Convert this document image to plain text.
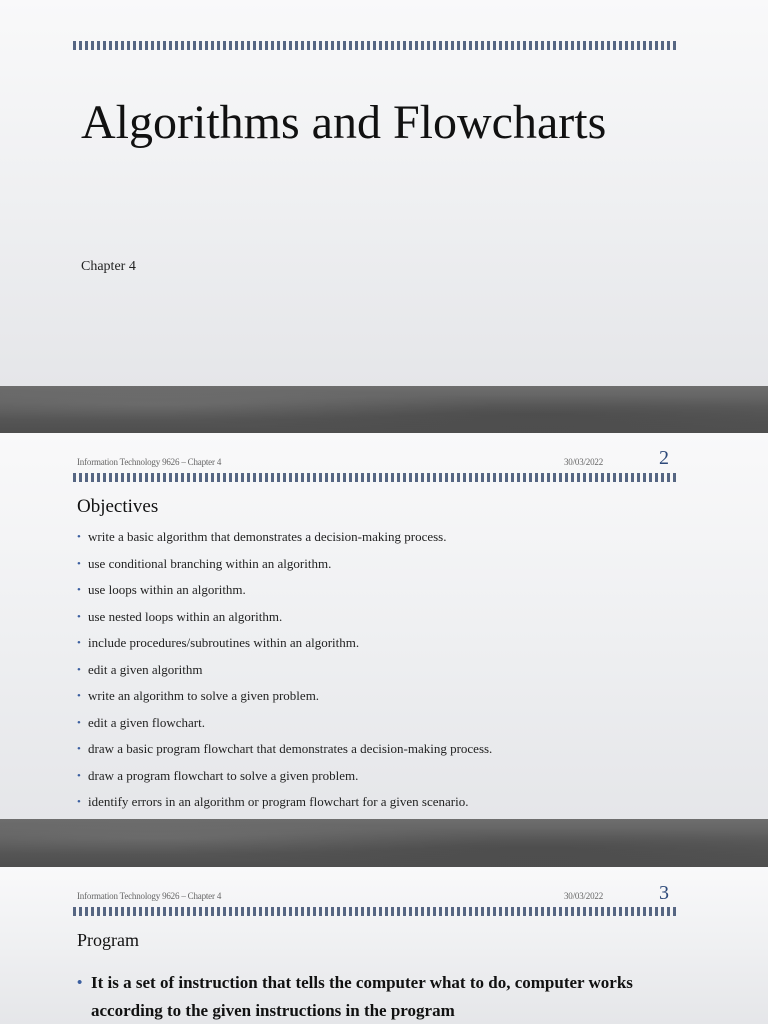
Algorithms and Flowcharts
Chapter 4
Information Technology 9626 – Chapter 4	30/03/2022	2
Objectives
• write a basic algorithm that demonstrates a decision-making process.
• use conditional branching within an algorithm.
• use loops within an algorithm.
• use nested loops within an algorithm.
• include procedures/subroutines within an algorithm.
• edit a given algorithm
• write an algorithm to solve a given problem.
• edit a given flowchart.
• draw a basic program flowchart that demonstrates a decision-making process.
• draw a program flowchart to solve a given problem.
• identify errors in an algorithm or program flowchart for a given scenario.
Information Technology 9626 – Chapter 4	30/03/2022	3
Program
• It is a set of instruction that tells the computer what to do, computer works according to the given instructions in the program
